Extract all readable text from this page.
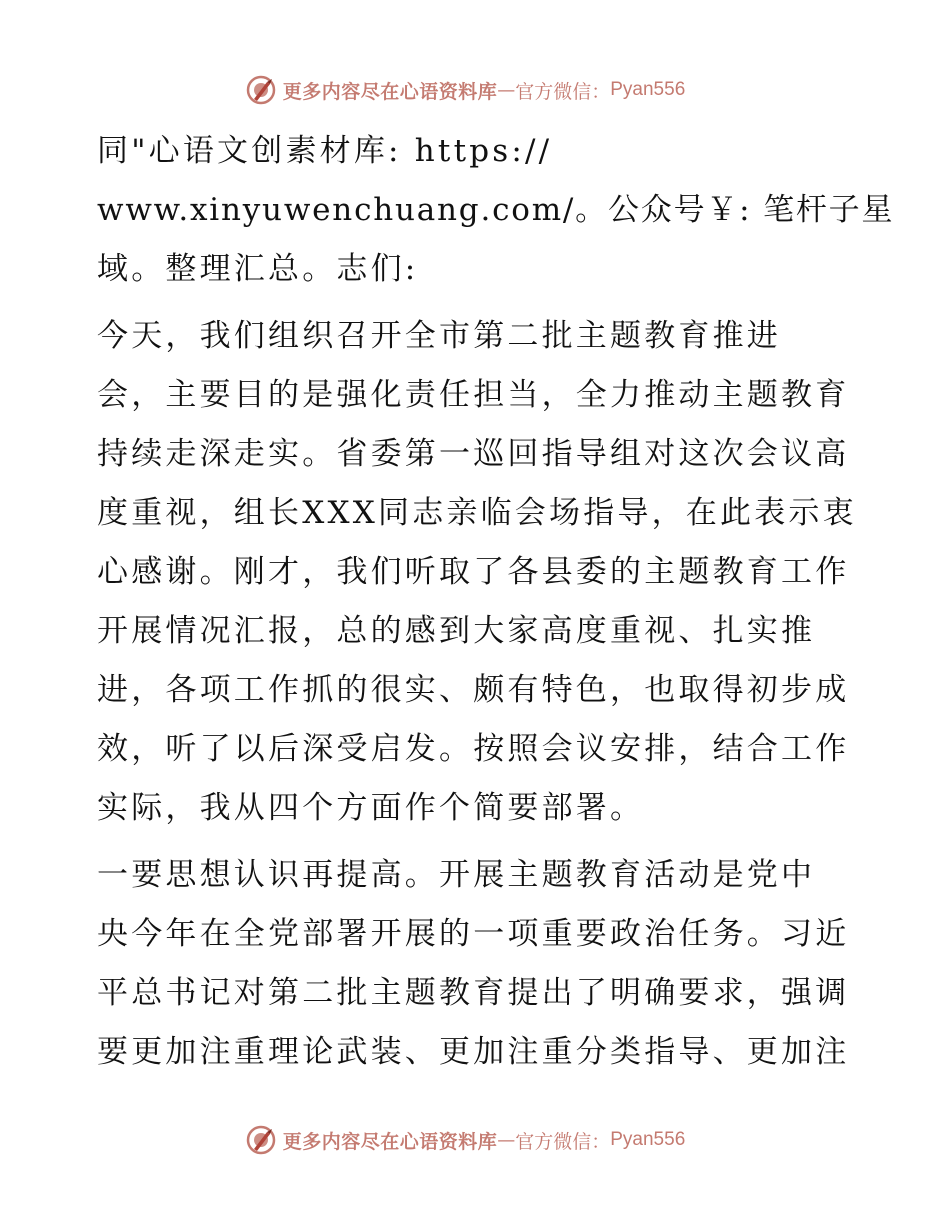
更多内容尽在心语资料库 — 官方微信： Pyan556
同"心语文创素材库: https://
www.xinyuwenchuang.com/。公众号￥: 笔杆子星
域。整理汇总。志们:
今天，我们组织召开全市第二批主题教育推进
会，主要目的是强化责任担当，全力推动主题教育
持续走深走实。省委第一巡回指导组对这次会议高
度重视，组长XXX同志亲临会场指导，在此表示衷
心感谢。刚才，我们听取了各县委的主题教育工作
开展情况汇报，总的感到大家高度重视、扎实推
进，各项工作抓的很实、颇有特色，也取得初步成
效，听了以后深受启发。按照会议安排，结合工作
实际，我从四个方面作个简要部署。
一要思想认识再提高。开展主题教育活动是党中
央今年在全党部署开展的一项重要政治任务。习近
平总书记对第二批主题教育提出了明确要求，强调
要更加注重理论武装、更加注重分类指导、更加注
更多内容尽在心语资料库 — 官方微信： Pyan556
